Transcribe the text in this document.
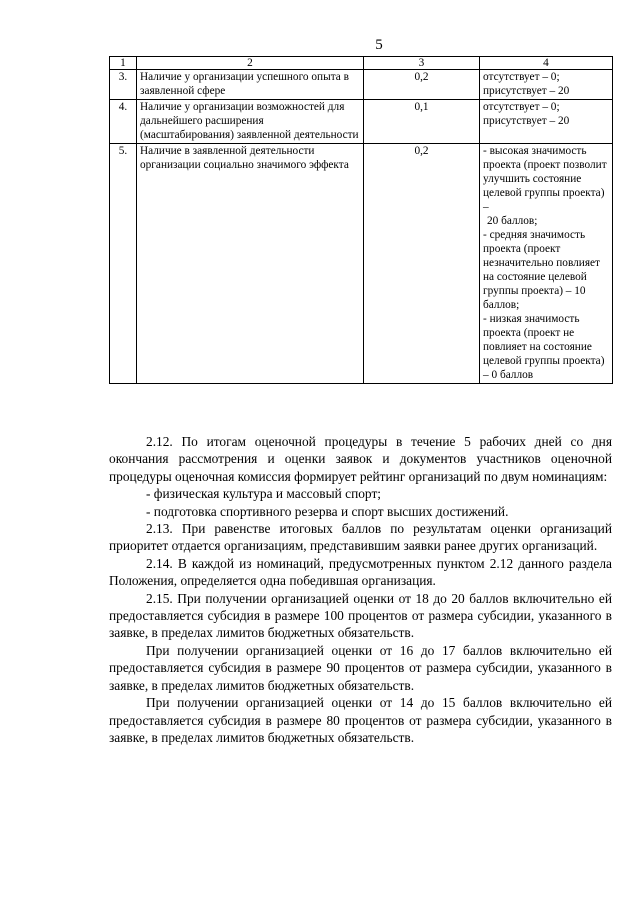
5
1	2	3	4
3.	Наличие у организации успешного опыта в заявленной сфере	0,2	отсутствует – 0;
присутствует – 20

4.	Наличие у организации возможностей для дальнейшего расширения (масштабирования) заявленной деятельности	0,1	отсутствует – 0;
присутствует – 20

5.	Наличие в заявленной деятельности организации социально значимого эффекта	0,2	- высокая значимость проекта (проект позволит улучшить состояние целевой группы проекта) –
20 баллов;
- средняя значимость проекта (проект незначительно повлияет на состояние целевой группы проекта) – 10 баллов;
- низкая значимость проекта (проект не повлияет на состояние целевой группы проекта) – 0 баллов

2.12. По итогам оценочной процедуры в течение 5 рабочих дней со дня окончания рассмотрения и оценки заявок и документов участников оценочной процедуры оценочная комиссия формирует рейтинг организаций по двум номинациям:

- физическая культура и массовый спорт;

- подготовка спортивного резерва и спорт высших достижений.

2.13. При равенстве итоговых баллов по результатам оценки организаций приоритет отдается организациям, представившим заявки ранее других организаций.

2.14. В каждой из номинаций, предусмотренных пунктом 2.12 данного раздела Положения, определяется одна победившая организация.

2.15. При получении организацией оценки от 18 до 20 баллов включительно ей предоставляется субсидия в размере 100 процентов от размера субсидии, указанного в заявке, в пределах лимитов бюджетных обязательств.

При получении организацией оценки от 16 до 17 баллов включительно ей предоставляется субсидия в размере 90 процентов от размера субсидии, указанного в заявке, в пределах лимитов бюджетных обязательств.

При получении организацией оценки от 14 до 15 баллов включительно ей предоставляется субсидия в размере 80 процентов от размера субсидии, указанного в заявке, в пределах лимитов бюджетных обязательств.
